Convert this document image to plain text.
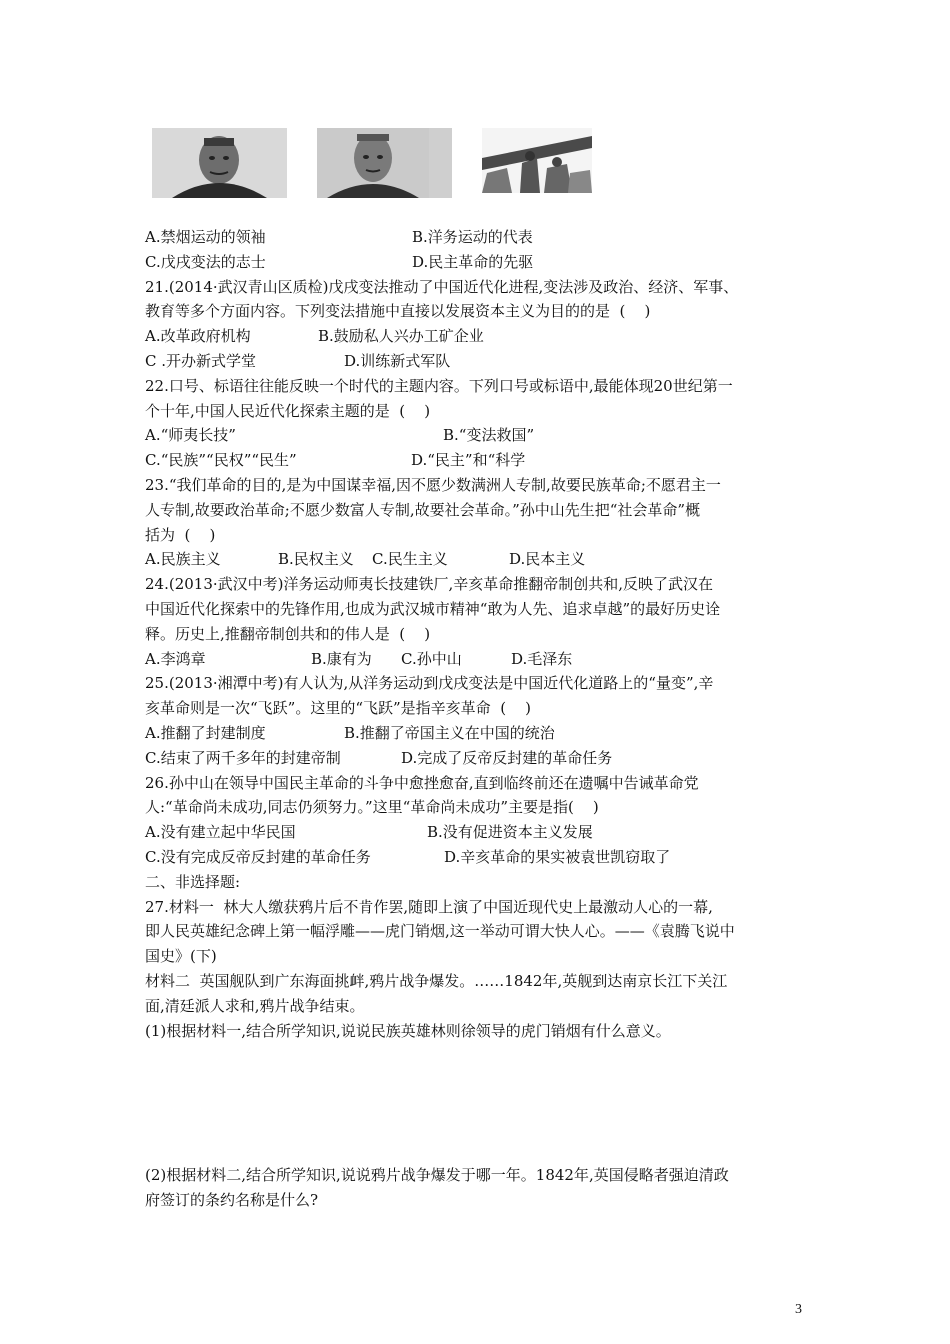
A.禁烟运动的领袖	B.洋务运动的代表
C.戊戌变法的志士	D.民主革命的先驱
21.(2014·武汉青山区质检)戊戌变法推动了中国近代化进程,变法涉及政治、经济、军事、
教育等多个方面内容。下列变法措施中直接以发展资本主义为目的的是  (    )
A.改革政府机构	B.鼓励私人兴办工矿企业
C .开办新式学堂	D.训练新式军队
22.口号、标语往往能反映一个时代的主题内容。下列口号或标语中,最能体现20世纪第一
个十年,中国人民近代化探索主题的是  (    )
A.“师夷长技”	B.“变法救国”
C.“民族”“民权”“民生”	D.“民主”和“科学
23.“我们革命的目的,是为中国谋幸福,因不愿少数满洲人专制,故要民族革命;不愿君主一
人专制,故要政治革命;不愿少数富人专制,故要社会革命。”孙中山先生把“社会革命”概
括为  (    )
A.民族主义	B.民权主义	C.民生主义	D.民本主义
24.(2013·武汉中考)洋务运动师夷长技建铁厂,辛亥革命推翻帝制创共和,反映了武汉在
中国近代化探索中的先锋作用,也成为武汉城市精神“敢为人先、追求卓越”的最好历史诠
释。历史上,推翻帝制创共和的伟人是  (    )
A.李鸿章	B.康有为	C.孙中山	D.毛泽东
25.(2013·湘潭中考)有人认为,从洋务运动到戊戌变法是中国近代化道路上的“量变”,辛
亥革命则是一次“飞跃”。这里的“飞跃”是指辛亥革命  (    )
A.推翻了封建制度	B.推翻了帝国主义在中国的统治
C.结束了两千多年的封建帝制	D.完成了反帝反封建的革命任务
26.孙中山在领导中国民主革命的斗争中愈挫愈奋,直到临终前还在遗嘱中告诫革命党
人:“革命尚未成功,同志仍须努力。”这里“革命尚未成功”主要是指(    )
A.没有建立起中华民国	B.没有促进资本主义发展
C.没有完成反帝反封建的革命任务	D.辛亥革命的果实被袁世凯窃取了
二、非选择题:
27.材料一  林大人缴获鸦片后不肯作罢,随即上演了中国近现代史上最激动人心的一幕,
即人民英雄纪念碑上第一幅浮雕——虎门销烟,这一举动可谓大快人心。——《袁腾飞说中
国史》(下)
材料二  英国舰队到广东海面挑衅,鸦片战争爆发。……1842年,英舰到达南京长江下关江
面,清廷派人求和,鸦片战争结束。
(1)根据材料一,结合所学知识,说说民族英雄林则徐领导的虎门销烟有什么意义。
(2)根据材料二,结合所学知识,说说鸦片战争爆发于哪一年。1842年,英国侵略者强迫清政
府签订的条约名称是什么?
3
